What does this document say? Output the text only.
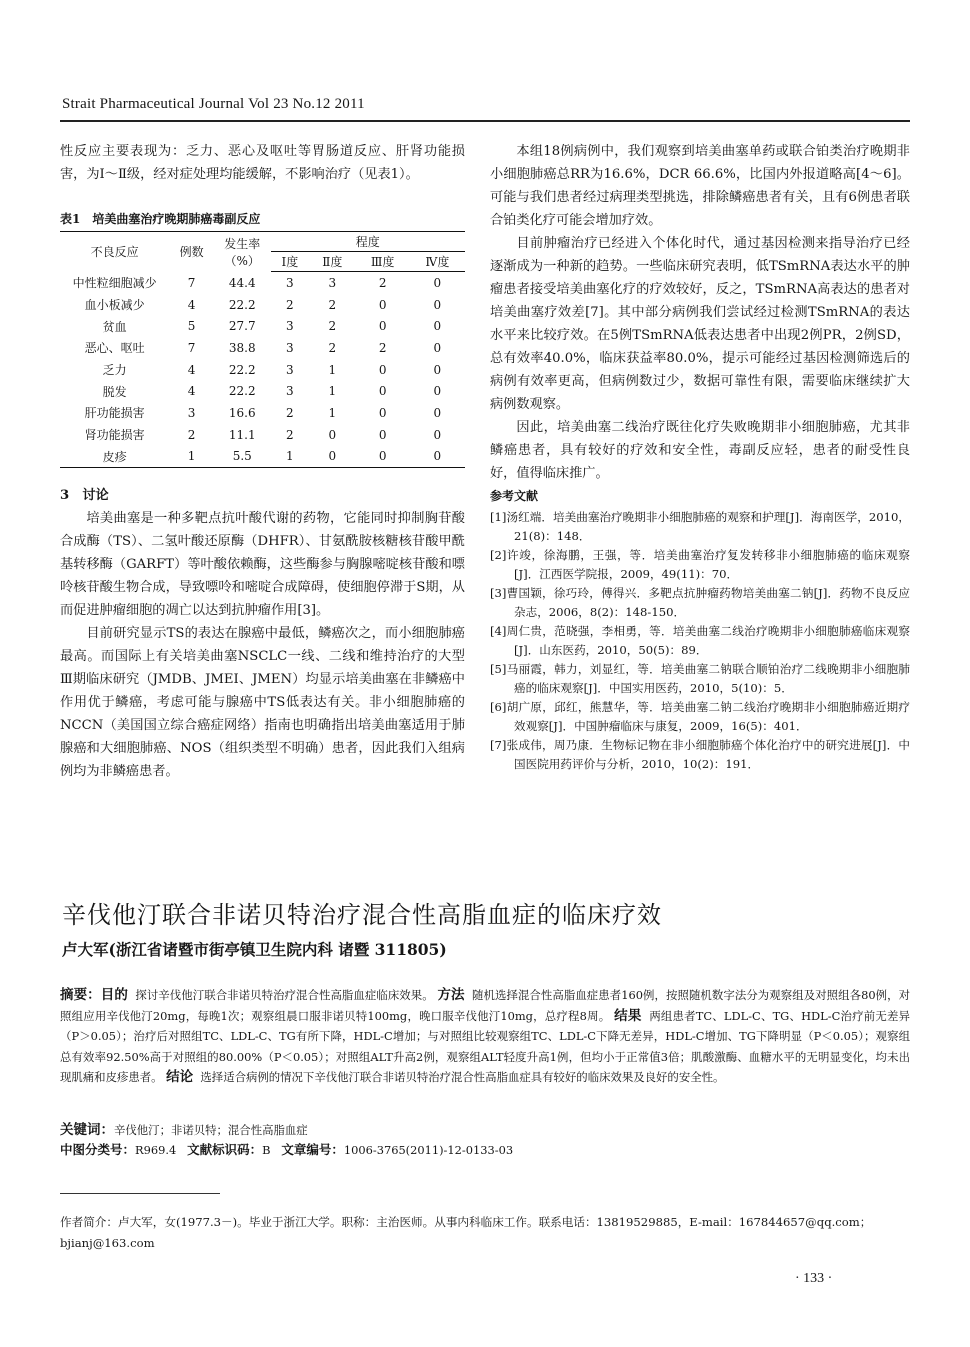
Strait Pharmaceutical Journal Vol 23 No.12 2011

性反应主要表现为：乏力、恶心及呕吐等胃肠道反应、肝肾功能损害，为Ⅰ～Ⅱ级，经对症处理均能缓解，不影响治疗（见表1）。

表1　培美曲塞治疗晚期肺癌毒副反应
不良反应	例数	发生率（%）	程度			
			Ⅰ度	Ⅱ度	Ⅲ度	Ⅳ度
中性粒细胞减少	7	44.4	3	3	2	0
血小板减少	4	22.2	2	2	0	0
贫血	5	27.7	3	2	0	0
恶心、呕吐	7	38.8	3	2	2	0
乏力	4	22.2	3	1	0	0
脱发	4	22.2	3	1	0	0
肝功能损害	3	16.6	2	1	0	0
肾功能损害	2	11.1	2	0	0	0
皮疹	1	5.5	1	0	0	0

3　讨论

培美曲塞是一种多靶点抗叶酸代谢的药物，它能同时抑制胸苷酸合成酶（TS）、二氢叶酸还原酶（DHFR）、甘氨酰胺核糖核苷酸甲酰基转移酶（GARFT）等叶酸依赖酶，这些酶参与胸腺嘧啶核苷酸和嘌呤核苷酸生物合成，导致嘌呤和嘧啶合成障碍，使细胞停滞于S期，从而促进肿瘤细胞的凋亡以达到抗肿瘤作用[3]。

目前研究显示TS的表达在腺癌中最低，鳞癌次之，而小细胞肺癌最高。而国际上有关培美曲塞NSCLC一线、二线和维持治疗的大型Ⅲ期临床研究（JMDB、JMEI、JMEN）均显示培美曲塞在非鳞癌中作用优于鳞癌，考虑可能与腺癌中TS低表达有关。非小细胞肺癌的NCCN（美国国立综合癌症网络）指南也明确指出培美曲塞适用于肺腺癌和大细胞肺癌、NOS（组织类型不明确）患者，因此我们入组病例均为非鳞癌患者。

本组18例病例中，我们观察到培美曲塞单药或联合铂类治疗晚期非小细胞肺癌总RR为16.6%，DCR 66.6%，比国内外报道略高[4～6]。可能与我们患者经过病理类型挑选，排除鳞癌患者有关，且有6例患者联合铂类化疗可能会增加疗效。

目前肿瘤治疗已经进入个体化时代，通过基因检测来指导治疗已经逐渐成为一种新的趋势。一些临床研究表明，低TSmRNA表达水平的肿瘤患者接受培美曲塞化疗的疗效较好，反之，TSmRNA高表达的患者对培美曲塞疗效差[7]。其中部分病例我们尝试经过检测TSmRNA的表达水平来比较疗效。在5例TSmRNA低表达患者中出现2例PR，2例SD，总有效率40.0%，临床获益率80.0%，提示可能经过基因检测筛选后的病例有效率更高，但病例数过少，数据可靠性有限，需要临床继续扩大病例数观察。

因此，培美曲塞二线治疗既往化疗失败晚期非小细胞肺癌，尤其非鳞癌患者，具有较好的疗效和安全性，毒副反应轻，患者的耐受性良好，值得临床推广。

参考文献

[1]汤红端．培美曲塞治疗晚期非小细胞肺癌的观察和护理[J]．海南医学，2010，21(8)：148．
[2]许竣，徐海鹏，王强，等．培美曲塞治疗复发转移非小细胞肺癌的临床观察[J]．江西医学院报，2009，49(11)：70．
[3]曹国颖，徐巧玲，傅得兴．多靶点抗肿瘤药物培美曲塞二钠[J]．药物不良反应杂志，2006，8(2)：148-150．
[4]周仁贵，范晓强，李相勇，等．培美曲塞二线治疗晚期非小细胞肺癌临床观察[J]．山东医药，2010，50(5)：89．
[5]马丽霞，韩力，刘显红，等．培美曲塞二钠联合顺铂治疗二线晚期非小细胞肺癌的临床观察[J]．中国实用医药，2010，5(10)：5．
[6]胡广原，邱红，熊慧华，等．培美曲塞二钠二线治疗晚期非小细胞肺癌近期疗效观察[J]．中国肿瘤临床与康复，2009，16(5)：401．
[7]张成伟，周乃康．生物标记物在非小细胞肺癌个体化治疗中的研究进展[J]．中国医院用药评价与分析，2010，10(2)：191．
辛伐他汀联合非诺贝特治疗混合性高脂血症的临床疗效
卢大军(浙江省诸暨市街亭镇卫生院内科 诸暨 311805)
摘要：目的 探讨辛伐他汀联合非诺贝特治疗混合性高脂血症临床效果。 方法 随机选择混合性高脂血症患者160例，按照随机数字法分为观察组及对照组各80例，对照组应用辛伐他汀20mg，每晚1次；观察组晨口服非诺贝特100mg，晚口服辛伐他汀10mg，总疗程8周。 结果 两组患者TC、LDL-C、TG、HDL-C治疗前无差异（P＞0.05）；治疗后对照组TC、LDL-C、TG有所下降，HDL-C增加；与对照组比较观察组TC、LDL-C下降无差异，HDL-C增加、TG下降明显（P＜0.05）；观察组总有效率92.50%高于对照组的80.00%（P＜0.05）；对照组ALT升高2例，观察组ALT轻度升高1例，但均小于正常值3倍；肌酸激酶、血糖水平的无明显变化，均未出现肌痛和皮疹患者。 结论 选择适合病例的情况下辛伐他汀联合非诺贝特治疗混合性高脂血症具有较好的临床效果及良好的安全性。
关键词：辛伐他汀；非诺贝特；混合性高脂血症
中图分类号：R969.4 文献标识码：B 文章编号：1006-3765(2011)-12-0133-03
作者简介：卢大军，女(1977.3－)。毕业于浙江大学。职称：主治医师。从事内科临床工作。联系电话：13819529885，E-mail：167844657@qq.com；bjianj@163.com
· 133 ·
